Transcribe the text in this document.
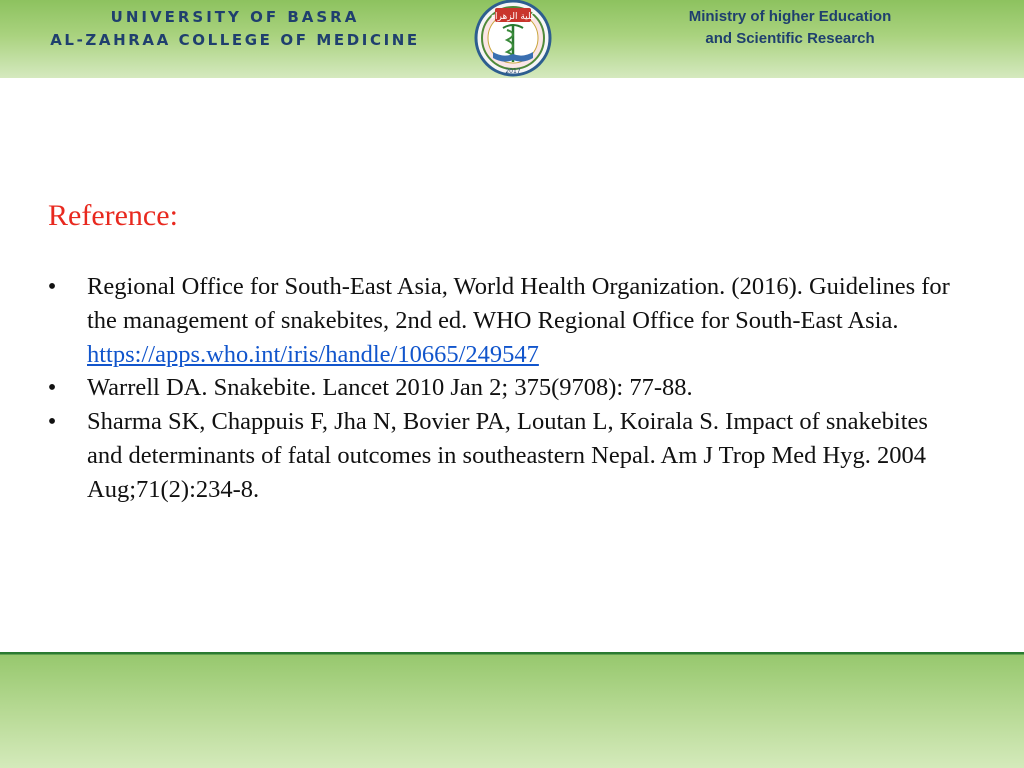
UNIVERSITY OF BASRA
AL-ZAHRAA COLLEGE OF MEDICINE
كلية الزهراء
2017
Ministry of higher Education
and Scientific Research
Reference:
• Regional Office for South-East Asia, World Health Organization. (2016). Guidelines for the management of snakebites, 2nd ed. WHO Regional Office for South-East Asia. https://apps.who.int/iris/handle/10665/249547
• Warrell DA. Snakebite. Lancet 2010 Jan 2; 375(9708): 77-88.
• Sharma SK, Chappuis F, Jha N, Bovier PA, Loutan L, Koirala S. Impact of snakebites and determinants of fatal outcomes in southeastern Nepal. Am J Trop Med Hyg. 2004 Aug;71(2):234-8.
